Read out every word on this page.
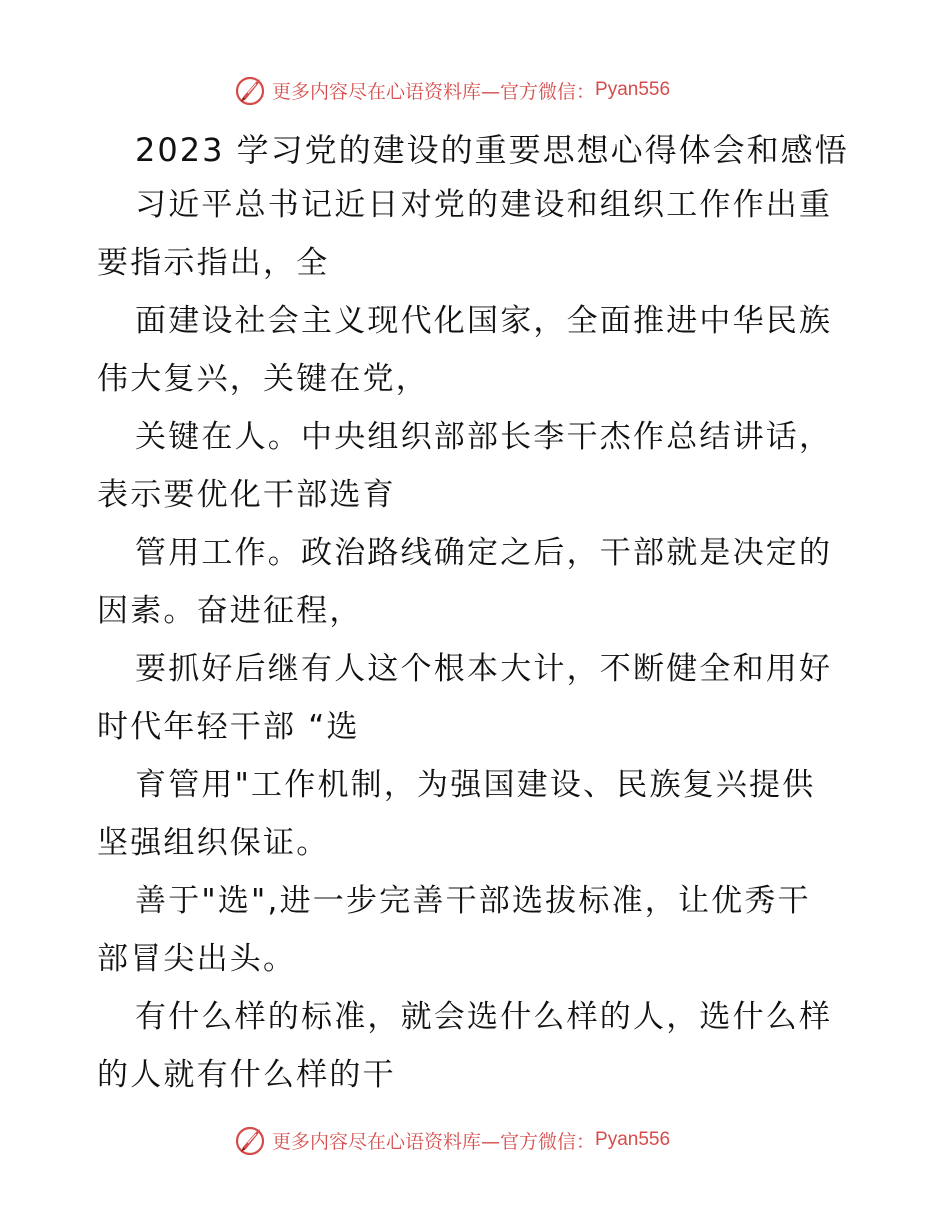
更多内容尽在心语资料库—官方微信： Pyan556
2023 学习党的建设的重要思想心得体会和感悟

习近平总书记近日对党的建设和组织工作作出重
要指示指出，全

面建设社会主义现代化国家，全面推进中华民族
伟大复兴，关键在党，

关键在人。中央组织部部长李干杰作总结讲话，
表示要优化干部选育

管用工作。政治路线确定之后，干部就是决定的
因素。奋进征程，

要抓好后继有人这个根本大计，不断健全和用好
时代年轻干部 “选

育管用"工作机制，为强国建设、民族复兴提供
坚强组织保证。

善于"选",进一步完善干部选拔标准，让优秀干
部冒尖出头。

有什么样的标准，就会选什么样的人，选什么样
的人就有什么样的干

更多内容尽在心语资料库—官方微信： Pyan556
